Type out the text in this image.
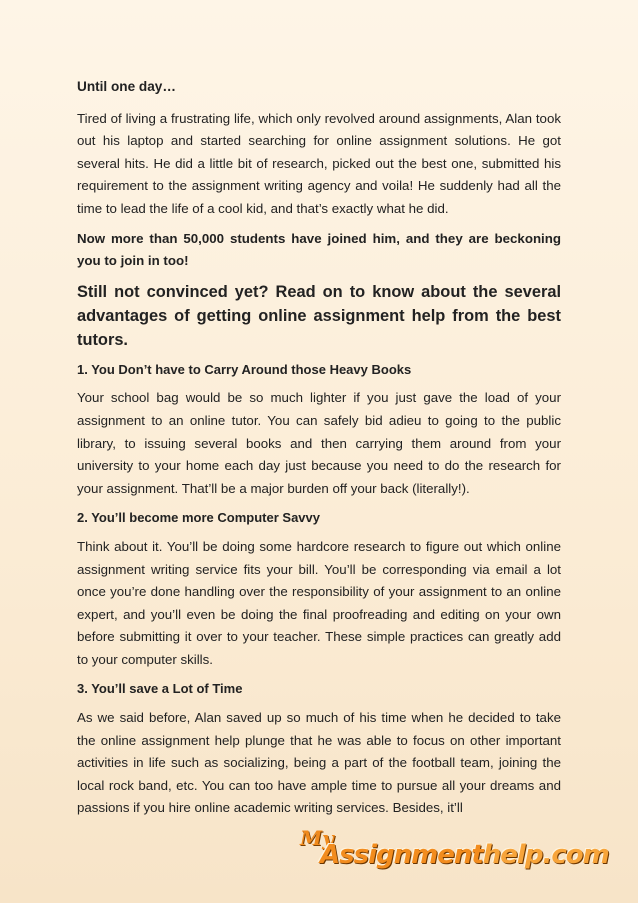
Until one day…

Tired of living a frustrating life, which only revolved around assignments, Alan took out his laptop and started searching for online assignment solutions. He got several hits. He did a little bit of research, picked out the best one, submitted his requirement to the assignment writing agency and voila! He suddenly had all the time to lead the life of a cool kid, and that’s exactly what he did.

Now more than 50,000 students have joined him, and they are beckoning you to join in too!

Still not convinced yet? Read on to know about the several advantages of getting online assignment help from the best tutors.

1. You Don’t have to Carry Around those Heavy Books

Your school bag would be so much lighter if you just gave the load of your assignment to an online tutor. You can safely bid adieu to going to the public library, to issuing several books and then carrying them around from your university to your home each day just because you need to do the research for your assignment. That’ll be a major burden off your back (literally!).

2. You’ll become more Computer Savvy

Think about it. You’ll be doing some hardcore research to figure out which online assignment writing service fits your bill. You’ll be corresponding via email a lot once you’re done handling over the responsibility of your assignment to an online expert, and you’ll even be doing the final proofreading and editing on your own before submitting it over to your teacher. These simple practices can greatly add to your computer skills.

3. You’ll save a Lot of Time

As we said before, Alan saved up so much of his time when he decided to take the online assignment help plunge that he was able to focus on other important activities in life such as socializing, being a part of the football team, joining the local rock band, etc. You can too have ample time to pursue all your dreams and passions if you hire online academic writing services. Besides, it’ll

My
Assignmenthelp.com
